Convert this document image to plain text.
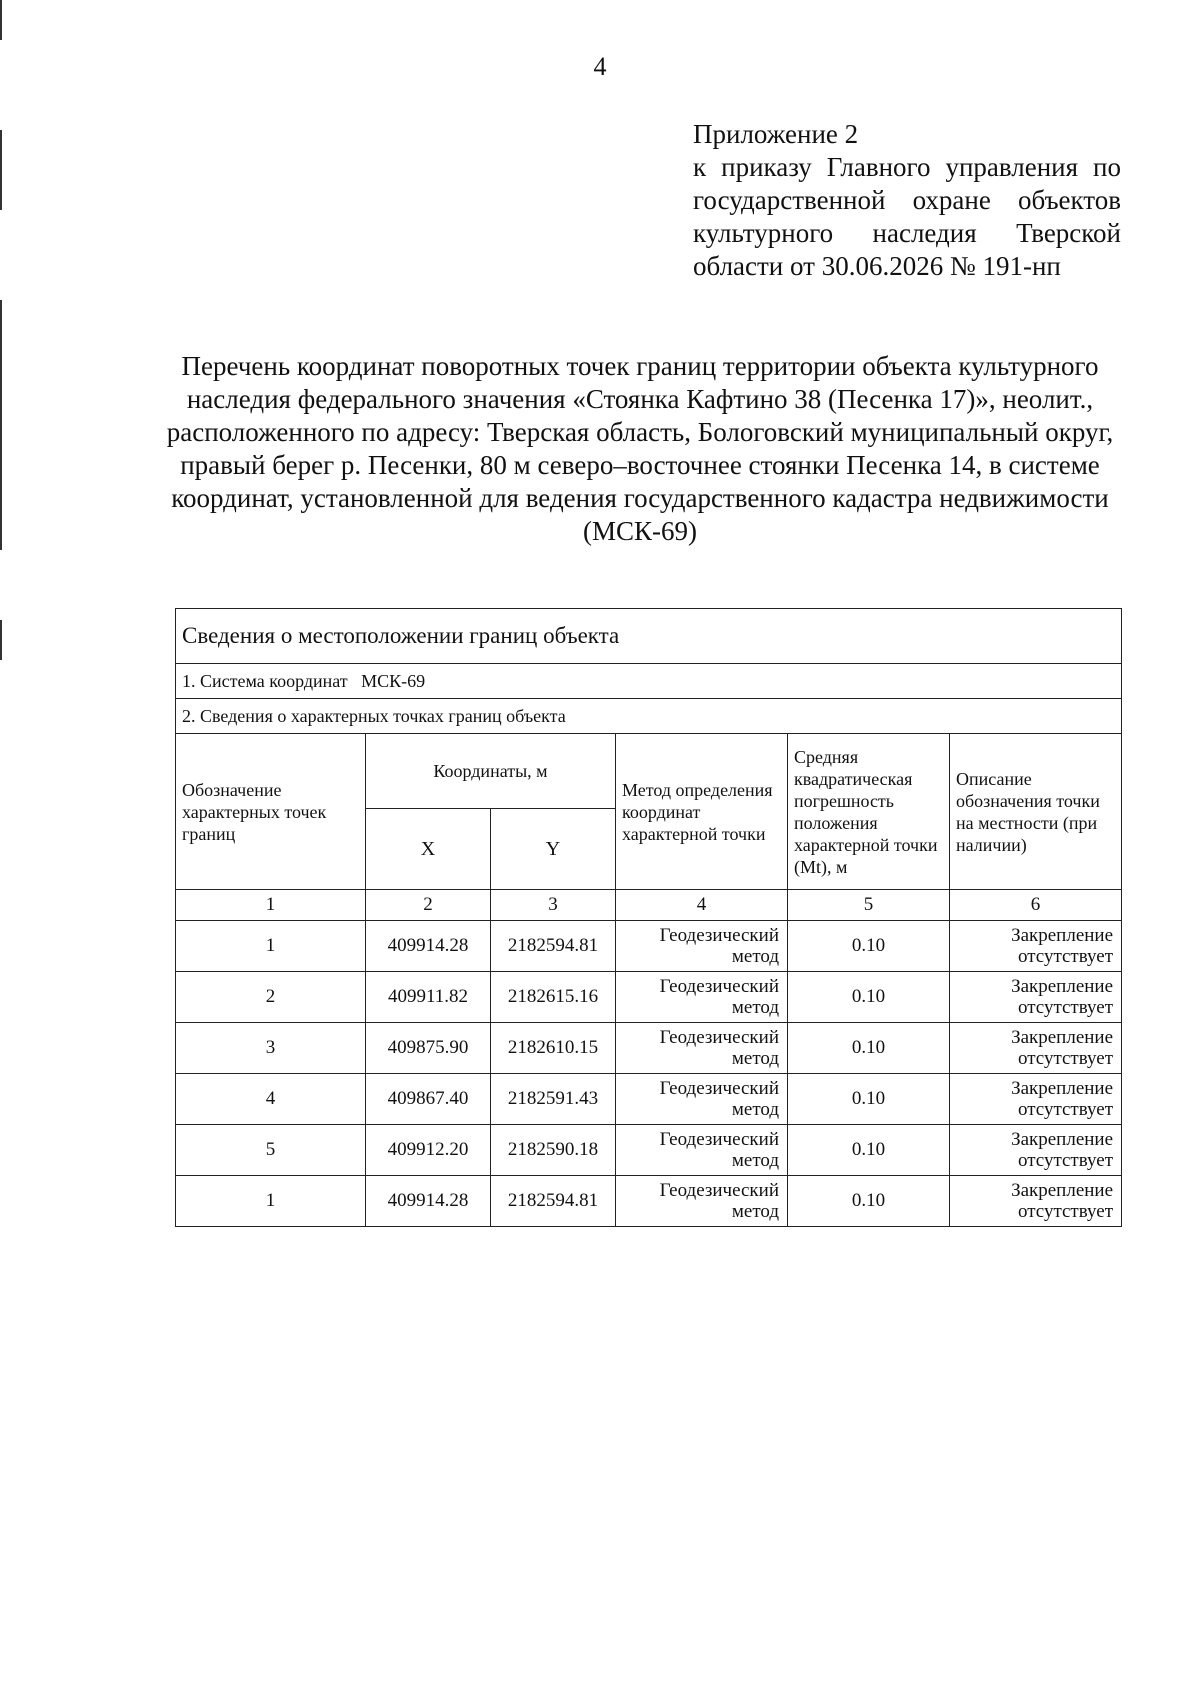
4
Приложение 2
к приказу Главного управления по государственной охране объектов культурного наследия Тверской области от 30.06.2026 № 191-нп
Перечень координат поворотных точек границ территории объекта культурного наследия федерального значения «Стоянка Кафтино 38 (Песенка 17)», неолит., расположенного по адресу: Тверская область, Бологовский муниципальный округ, правый берег р. Песенки, 80 м северо–восточнее стоянки Песенка 14, в системе координат, установленной для ведения государственного кадастра недвижимости (МСК-69)
Сведения о местоположении границ объекта					
1. Система координат   МСК-69					
2. Сведения о характерных точках границ объекта					
Обозначение характерных точек границ	Координаты, м		Метод определения координат характерной точки	Средняя квадратическая погрешность положения характерной точки (Mt), м	Описание обозначения точки на местности (при наличии)
	X	Y			
1	2	3	4	5	6
1	409914.28	2182594.81	Геодезический метод	0.10	Закрепление отсутствует
2	409911.82	2182615.16	Геодезический метод	0.10	Закрепление отсутствует
3	409875.90	2182610.15	Геодезический метод	0.10	Закрепление отсутствует
4	409867.40	2182591.43	Геодезический метод	0.10	Закрепление отсутствует
5	409912.20	2182590.18	Геодезический метод	0.10	Закрепление отсутствует
1	409914.28	2182594.81	Геодезический метод	0.10	Закрепление отсутствует
